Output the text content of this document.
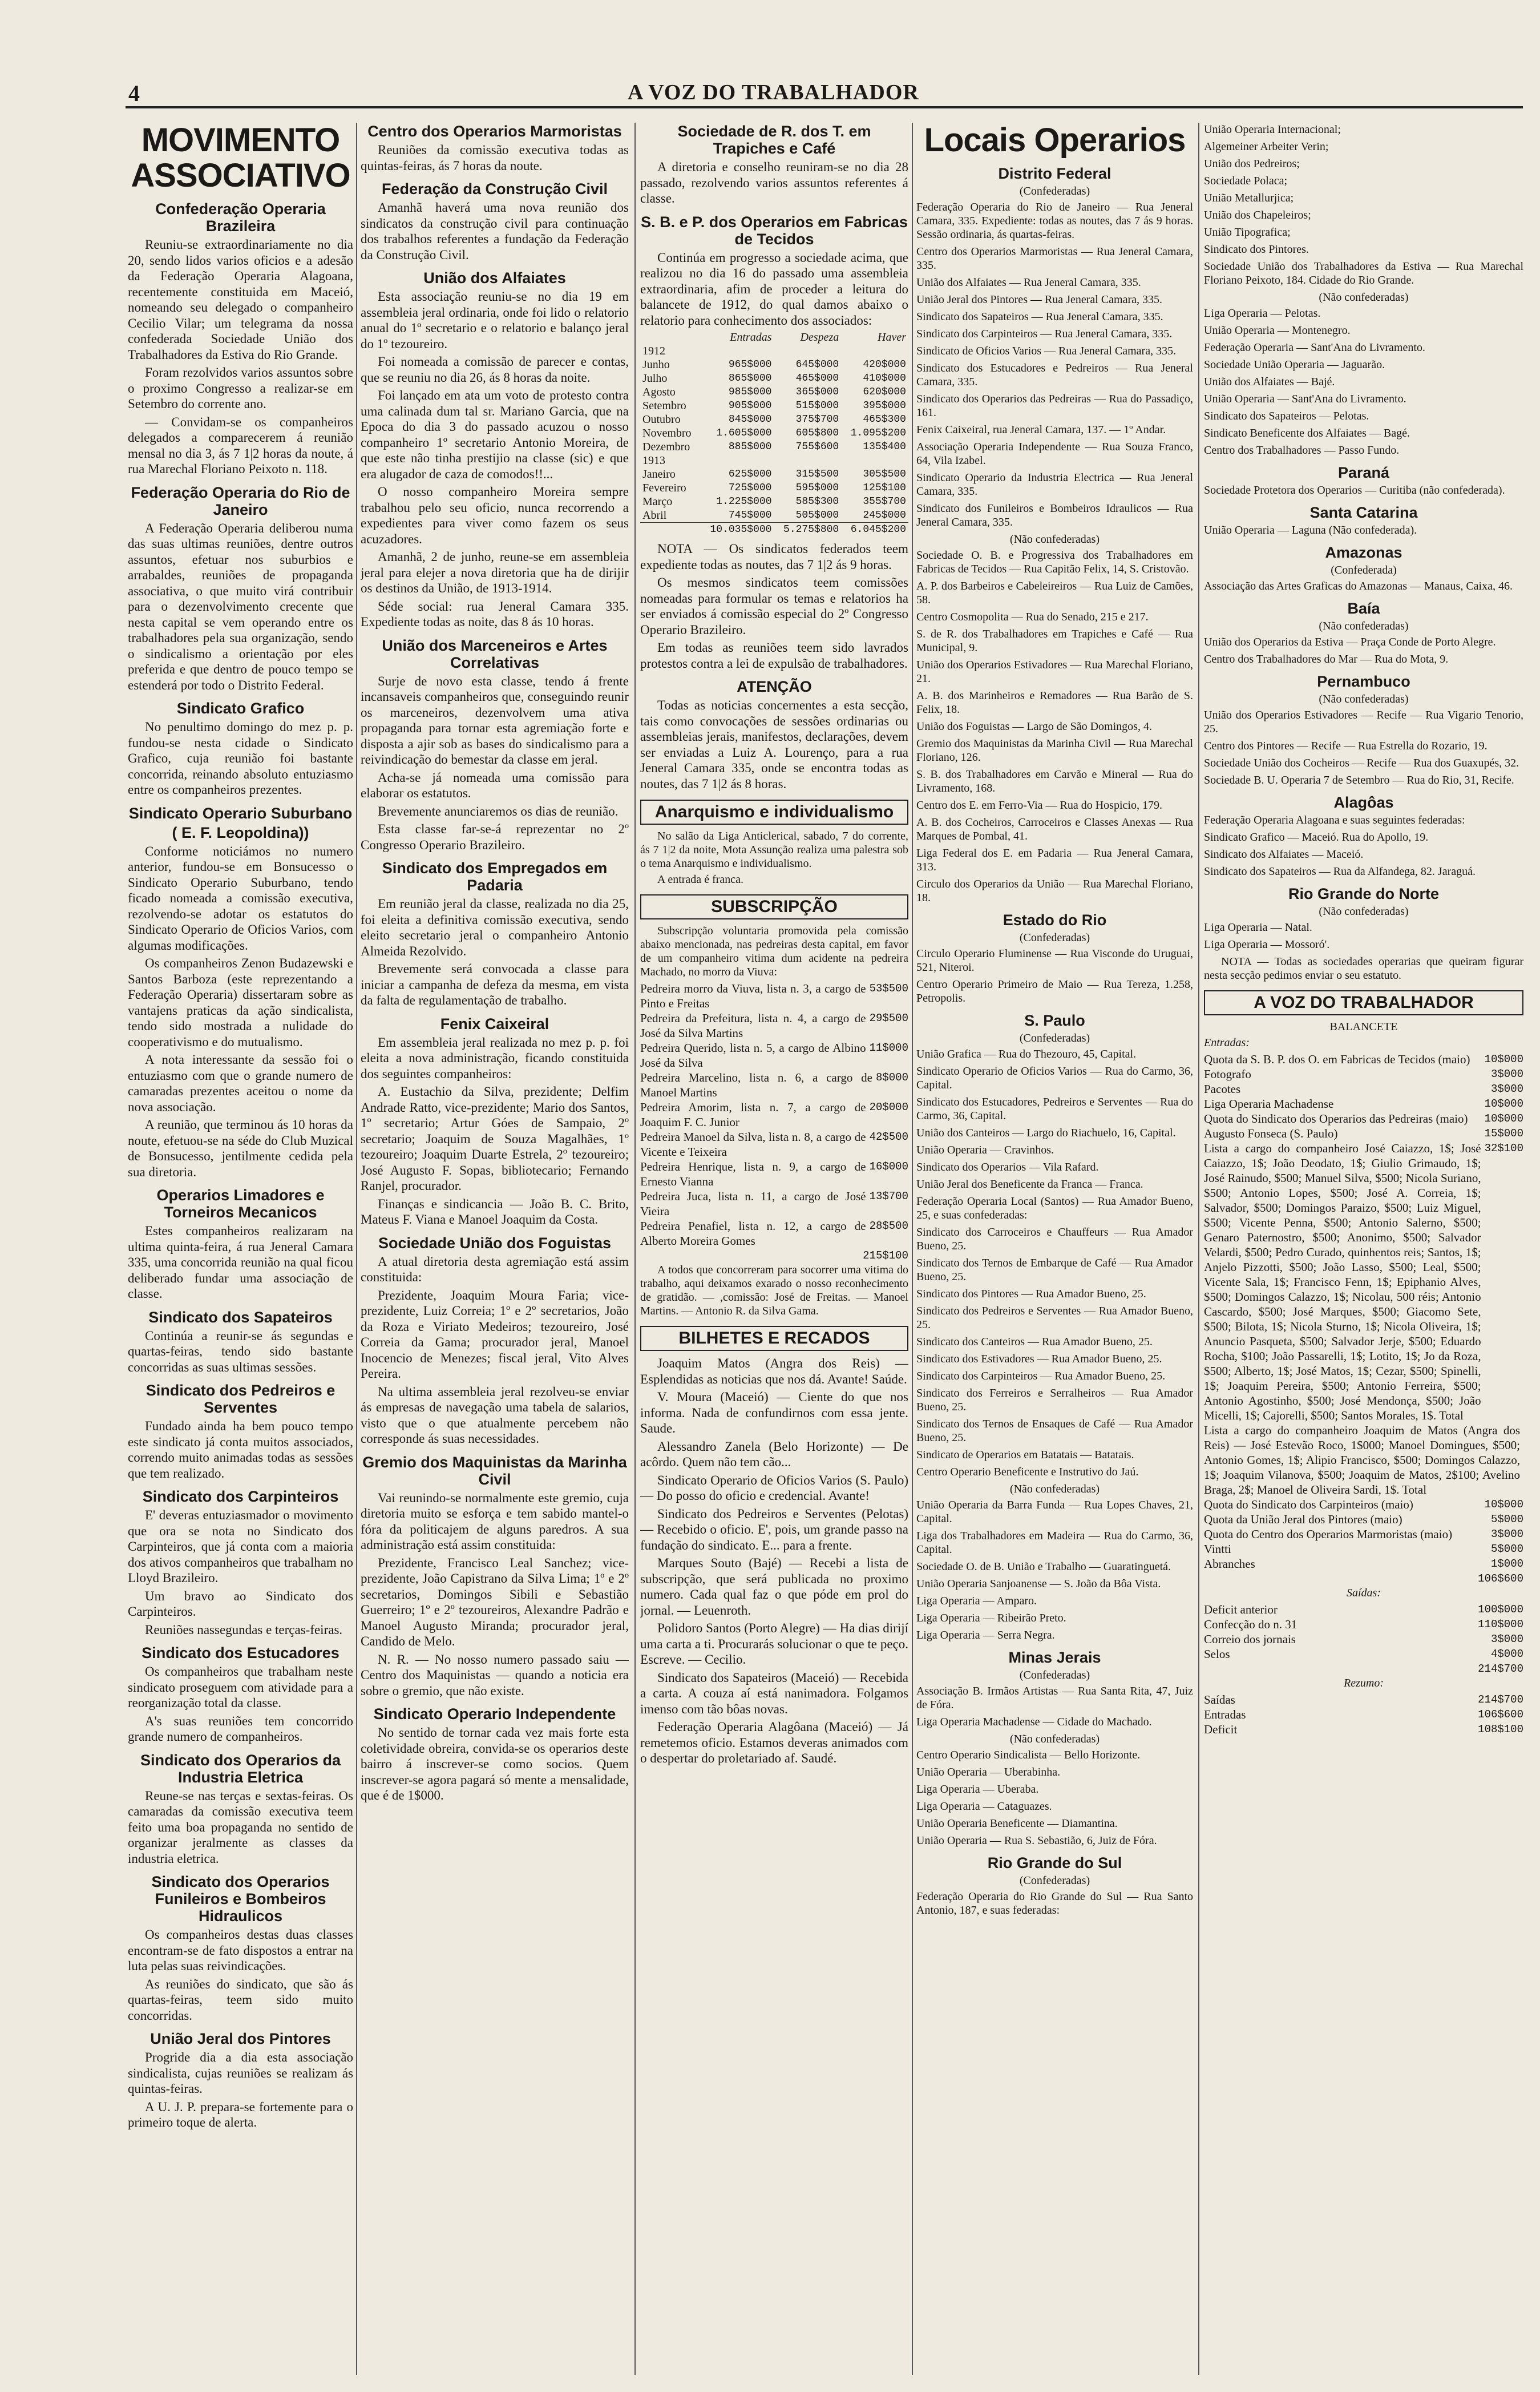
4	A VOZ DO TRABALHADOR
MOVIMENTO ASSOCIATIVO
Confederação Operaria Brazileira

Reuniu-se extraordinariamente no dia 20, sendo lidos varios oficios e a adesão da Federação Operaria Alagoana, recentemente constituida em Maceió, nomeando seu delegado o companheiro Cecilio Vilar; um telegrama da nossa confederada Sociedade União dos Trabalhadores da Estiva do Rio Grande.

Foram rezolvidos varios assuntos sobre o proximo Congresso a realizar-se em Setembro do corrente ano.

— Convidam-se os companheiros delegados a comparecerem á reunião mensal no dia 3, ás 7 1|2 horas da noute, á rua Marechal Floriano Peixoto n. 118.

Federação Operaria do Rio de Janeiro

A Federação Operaria deliberou numa das suas ultimas reuniões, dentre outros assuntos, efetuar nos suburbios e arrabaldes, reuniões de propaganda associativa, o que muito virá contribuir para o dezenvolvimento crecente que nesta capital se vem operando entre os trabalhadores pela sua organização, sendo o sindicalismo a orientação por eles preferida e que dentro de pouco tempo se estenderá por todo o Distrito Federal.

Sindicato Grafico

No penultimo domingo do mez p. p. fundou-se nesta cidade o Sindicato Grafico, cuja reunião foi bastante concorrida, reinando absoluto entuziasmo entre os companheiros prezentes.

Sindicato Operario Suburbano
( E. F. Leopoldina))

Conforme noticiámos no numero anterior, fundou-se em Bonsucesso o Sindicato Operario Suburbano, tendo ficado nomeada a comissão executiva, rezolvendo-se adotar os estatutos do Sindicato Operario de Oficios Varios, com algumas modificações.

Os companheiros Zenon Budazewski e Santos Barboza (este reprezentando a Federação Operaria) dissertaram sobre as vantajens praticas da ação sindicalista, tendo sido mostrada a nulidade do cooperativismo e do mutualismo.

A nota interessante da sessão foi o entuziasmo com que o grande numero de camaradas prezentes aceitou o nome da nova associação.

A reunião, que terminou ás 10 horas da noute, efetuou-se na séde do Club Muzical de Bonsucesso, jentilmente cedida pela sua diretoria.

Operarios Limadores e Torneiros Mecanicos

Estes companheiros realizaram na ultima quinta-feira, á rua Jeneral Camara 335, uma concorrida reunião na qual ficou deliberado fundar uma associação de classe.

Sindicato dos Sapateiros

Continúa a reunir-se ás segundas e quartas-feiras, tendo sido bastante concorridas as suas ultimas sessões.

Sindicato dos Pedreiros e Serventes

Fundado ainda ha bem pouco tempo este sindicato já conta muitos associados, correndo muito animadas todas as sessões que tem realizado.

Sindicato dos Carpinteiros

E' deveras entuziasmador o movimento que ora se nota no Sindicato dos Carpinteiros, que já conta com a maioria dos ativos companheiros que trabalham no Lloyd Brazileiro.

Um bravo ao Sindicato dos Carpinteiros.

Reuniões nassegundas e terças-feiras.

Sindicato dos Estucadores

Os companheiros que trabalham neste sindicato proseguem com atividade para a reorganização total da classe.

A's suas reuniões tem concorrido grande numero de companheiros.

Sindicato dos Operarios da Industria Eletrica

Reune-se nas terças e sextas-feiras. Os camaradas da comissão executiva teem feito uma boa propaganda no sentido de organizar jeralmente as classes da industria eletrica.

Sindicato dos Operarios Funileiros e Bombeiros Hidraulicos

Os companheiros destas duas classes encontram-se de fato dispostos a entrar na luta pelas suas reivindicações.

As reuniões do sindicato, que são ás quartas-feiras, teem sido muito concorridas.

União Jeral dos Pintores

Progride dia a dia esta associação sindicalista, cujas reuniões se realizam ás quintas-feiras.

A U. J. P. prepara-se fortemente para o primeiro toque de alerta.

Centro dos Operarios Marmoristas

Reuniões da comissão executiva todas as quintas-feiras, ás 7 horas da noute.

Federação da Construção Civil

Amanhã haverá uma nova reunião dos sindicatos da construção civil para continuação dos trabalhos referentes a fundação da Federação da Construção Civil.

União dos Alfaiates

Esta associação reuniu-se no dia 19 em assembleia jeral ordinaria, onde foi lido o relatorio anual do 1º secretario e o relatorio e balanço jeral do 1º tezoureiro.

Foi nomeada a comissão de parecer e contas, que se reuniu no dia 26, ás 8 horas da noite.

Foi lançado em ata um voto de protesto contra uma calinada dum tal sr. Mariano Garcia, que na Epoca do dia 3 do passado acuzou o nosso companheiro 1º secretario Antonio Moreira, de que este não tinha prestijio na classe (sic) e que era alugador de caza de comodos!!...

O nosso companheiro Moreira sempre trabalhou pelo seu oficio, nunca recorrendo a expedientes para viver como fazem os seus acuzadores.

Amanhã, 2 de junho, reune-se em assembleia jeral para elejer a nova diretoria que ha de dirijir os destinos da União, de 1913-1914.

Séde social: rua Jeneral Camara 335. Expediente todas as noite, das 8 ás 10 horas.

União dos Marceneiros e Artes Correlativas

Surje de novo esta classe, tendo á frente incansaveis companheiros que, conseguindo reunir os marceneiros, dezenvolvem uma ativa propaganda para tornar esta agremiação forte e disposta a ajir sob as bases do sindicalismo para a reivindicação do bemestar da classe em jeral.

Acha-se já nomeada uma comissão para elaborar os estatutos.

Brevemente anunciaremos os dias de reunião.

Esta classe far-se-á reprezentar no 2º Congresso Operario Brazileiro.

Sindicato dos Empregados em Padaria

Em reunião jeral da classe, realizada no dia 25, foi eleita a definitiva comissão executiva, sendo eleito secretario jeral o companheiro Antonio Almeida Rezolvido.

Brevemente será convocada a classe para iniciar a campanha de defeza da mesma, em vista da falta de regulamentação de trabalho.

Fenix Caixeiral

Em assembleia jeral realizada no mez p. p. foi eleita a nova administração, ficando constituida dos seguintes companheiros:

A. Eustachio da Silva, prezidente; Delfim Andrade Ratto, vice-prezidente; Mario dos Santos, 1º secretario; Artur Góes de Sampaio, 2º secretario; Joaquim de Souza Magalhães, 1º tezoureiro; Joaquim Duarte Estrela, 2º tezoureiro; José Augusto F. Sopas, bibliotecario; Fernando Ranjel, procurador.

Finanças e sindicancia — João B. C. Brito, Mateus F. Viana e Manoel Joaquim da Costa.

Sociedade União dos Foguistas

A atual diretoria desta agremiação está assim constituida:

Prezidente, Joaquim Moura Faria; vice-prezidente, Luiz Correia; 1º e 2º secretarios, João da Roza e Viriato Medeiros; tezoureiro, José Correia da Gama; procurador jeral, Manoel Inocencio de Menezes; fiscal jeral, Vito Alves Pereira.

Na ultima assembleia jeral rezolveu-se enviar ás empresas de navegação uma tabela de salarios, visto que o que atualmente percebem não corresponde ás suas necessidades.

Gremio dos Maquinistas da Marinha Civil

Vai reunindo-se normalmente este gremio, cuja diretoria muito se esforça e tem sabido mantel-o fóra da politicajem de alguns paredros. A sua administração está assim constituida:

Prezidente, Francisco Leal Sanchez; vice-prezidente, João Capistrano da Silva Lima; 1º e 2º secretarios, Domingos Sibili e Sebastião Guerreiro; 1º e 2º tezoureiros, Alexandre Padrão e Manoel Augusto Miranda; procurador jeral, Candido de Melo.

N. R. — No nosso numero passado saiu — Centro dos Maquinistas — quando a noticia era sobre o gremio, que não existe.

Sindicato Operario Independente

No sentido de tornar cada vez mais forte esta coletividade obreira, convida-se os operarios deste bairro á inscrever-se como socios. Quem inscrever-se agora pagará só mente a mensalidade, que é de 1$000.

Sociedade de R. dos T. em Trapiches e Café

A diretoria e conselho reuniram-se no dia 28 passado, rezolvendo varios assuntos referentes á classe.

S. B. e P. dos Operarios em Fabricas de Tecidos

Continúa em progresso a sociedade acima, que realizou no dia 16 do passado uma assembleia extraordinaria, afim de proceder a leitura do balancete de 1912, do qual damos abaixo o relatorio para conhecimento dos associados:

	Entradas	Despeza	Haver
1912			
Junho	965$000	645$000	420$000
Julho	865$000	465$000	410$000
Agosto	985$000	365$000	620$000
Setembro	905$000	515$000	395$000
Outubro	845$000	375$700	465$300
Novembro	1.605$000	605$800	1.095$200
Dezembro	885$000	755$600	135$400
1913			
Janeiro	625$000	315$500	305$500
Fevereiro	725$000	595$000	125$100
Março	1.225$000	585$300	355$700
Abril	745$000	505$000	245$000
	10.035$000	5.275$800	6.045$200

NOTA — Os sindicatos federados teem expediente todas as noutes, das 7 1|2 ás 9 horas.

Os mesmos sindicatos teem comissões nomeadas para formular os temas e relatorios ha ser enviados á comissão especial do 2º Congresso Operario Brazileiro.

Em todas as reuniões teem sido lavrados protestos contra a lei de expulsão de trabalhadores.

ATENÇÃO

Todas as noticias concernentes a esta secção, tais como convocações de sessões ordinarias ou assembleias jerais, manifestos, declarações, devem ser enviadas a Luiz A. Lourenço, para a rua Jeneral Camara 335, onde se encontra todas as noutes, das 7 1|2 ás 8 horas.

Anarquismo e individualismo

No salão da Liga Anticlerical, sabado, 7 do corrente, ás 7 1|2 da noite, Mota Assunção realiza uma palestra sob o tema Anarquismo e individualismo.

A entrada é franca.

SUBSCRIPÇÃO

Subscripção voluntaria promovida pela comissão abaixo mencionada, nas pedreiras desta capital, em favor de um companheiro vitima dum acidente na pedreira Machado, no morro da Viuva:

Pedreira morro da Viuva, lista n. 3, a cargo de Pinto e Freitas
53$500
Pedreira da Prefeitura, lista n. 4, a cargo de José da Silva Martins
29$500
Pedreira Querido, lista n. 5, a cargo de Albino José da Silva
11$000
Pedreira Marcelino, lista n. 6, a cargo de Manoel Martins
8$000
Pedreira Amorim, lista n. 7, a cargo de Joaquim F. C. Junior
20$000
Pedreira Manoel da Silva, lista n. 8, a cargo de Vicente e Teixeira
42$500
Pedreira Henrique, lista n. 9, a cargo de Ernesto Vianna
16$000
Pedreira Juca, lista n. 11, a cargo de José Vieira
13$700
Pedreira Penafiel, lista n. 12, a cargo de Alberto Moreira Gomes
28$500
215$100

A todos que concorreram para socorrer uma vitima do trabalho, aqui deixamos exarado o nosso reconhecimento de gratidão. — ,comissão: José de Freitas. — Manoel Martins. — Antonio R. da Silva Gama.

BILHETES E RECADOS

Joaquim Matos (Angra dos Reis) — Esplendidas as noticias que nos dá. Avante! Saúde.

V. Moura (Maceió) — Ciente do que nos informa. Nada de confundirnos com essa jente. Saude.

Alessandro Zanela (Belo Horizonte) — De acôrdo. Quem não tem cão...

Sindicato Operario de Oficios Varios (S. Paulo) — Do posso do oficio e credencial. Avante!

Sindicato dos Pedreiros e Serventes (Pelotas) — Recebido o oficio. E', pois, um grande passo na fundação do sindicato. E... para a frente.

Marques Souto (Bajé) — Recebi a lista de subscripção, que será publicada no proximo numero. Cada qual faz o que póde em prol do jornal. — Leuenroth.

Polidoro Santos (Porto Alegre) — Ha dias dirijí uma carta a ti. Procurarás solucionar o que te peço. Escreve. — Cecilio.

Sindicato dos Sapateiros (Maceió) — Recebida a carta. A couza aí está nanimadora. Folgamos imenso com tão bôas novas.

Federação Operaria Alagôana (Maceió) — Já remetemos oficio. Estamos deveras animados com o despertar do proletariado af. Saudé.

Locais Operarios
Distrito Federal

(Confederadas)

Federação Operaria do Rio de Janeiro — Rua Jeneral Camara, 335. Expediente: todas as noutes, das 7 ás 9 horas. Sessão ordinaria, ás quartas-feiras.
Centro dos Operarios Marmoristas — Rua Jeneral Camara, 335.
União dos Alfaiates — Rua Jeneral Camara, 335.
União Jeral dos Pintores — Rua Jeneral Camara, 335.
Sindicato dos Sapateiros — Rua Jeneral Camara, 335.
Sindicato dos Carpinteiros — Rua Jeneral Camara, 335.
Sindicato de Oficios Varios — Rua Jeneral Camara, 335.
Sindicato dos Estucadores e Pedreiros — Rua Jeneral Camara, 335.
Sindicato dos Operarios das Pedreiras — Rua do Passadiço, 161.
Fenix Caixeiral, rua Jeneral Camara, 137. — 1º Andar.
Associação Operaria Independente — Rua Souza Franco, 64, Vila Izabel.
Sindicato Operario da Industria Electrica — Rua Jeneral Camara, 335.
Sindicato dos Funileiros e Bombeiros Idraulicos — Rua Jeneral Camara, 335.

(Não confederadas)

Sociedade O. B. e Progressiva dos Trabalhadores em Fabricas de Tecidos — Rua Capitão Felix, 14, S. Cristovão.
A. P. dos Barbeiros e Cabeleireiros — Rua Luiz de Camões, 58.
Centro Cosmopolita — Rua do Senado, 215 e 217.
S. de R. dos Trabalhadores em Trapiches e Café — Rua Municipal, 9.
União dos Operarios Estivadores — Rua Marechal Floriano, 21.
A. B. dos Marinheiros e Remadores — Rua Barão de S. Felix, 18.
União dos Foguistas — Largo de São Domingos, 4.
Gremio dos Maquinistas da Marinha Civil — Rua Marechal Floriano, 126.
S. B. dos Trabalhadores em Carvão e Mineral — Rua do Livramento, 168.
Centro dos E. em Ferro-Via — Rua do Hospicio, 179.
A. B. dos Cocheiros, Carroceiros e Classes Anexas — Rua Marques de Pombal, 41.
Liga Federal dos E. em Padaria — Rua Jeneral Camara, 313.
Circulo dos Operarios da União — Rua Marechal Floriano, 18.
Estado do Rio

(Confederadas)

Circulo Operario Fluminense — Rua Visconde do Uruguai, 521, Niteroi.
Centro Operario Primeiro de Maio — Rua Tereza, 1.258, Petropolis.
S. Paulo

(Confederadas)

União Grafica — Rua do Thezouro, 45, Capital.
Sindicato Operario de Oficios Varios — Rua do Carmo, 36, Capital.
Sindicato dos Estucadores, Pedreiros e Serventes — Rua do Carmo, 36, Capital.
União dos Canteiros — Largo do Riachuelo, 16, Capital.
União Operaria — Cravinhos.
Sindicato dos Operarios — Vila Rafard.
União Jeral dos Beneficente da Franca — Franca.
Federação Operaria Local (Santos) — Rua Amador Bueno, 25, e suas confederadas:
Sindicato dos Carroceiros e Chauffeurs — Rua Amador Bueno, 25.
Sindicato dos Ternos de Embarque de Café — Rua Amador Bueno, 25.
Sindicato dos Pintores — Rua Amador Bueno, 25.
Sindicato dos Pedreiros e Serventes — Rua Amador Bueno, 25.
Sindicato dos Canteiros — Rua Amador Bueno, 25.
Sindicato dos Estivadores — Rua Amador Bueno, 25.
Sindicato dos Carpinteiros — Rua Amador Bueno, 25.
Sindicato dos Ferreiros e Serralheiros — Rua Amador Bueno, 25.
Sindicato dos Ternos de Ensaques de Café — Rua Amador Bueno, 25.
Sindicato de Operarios em Batatais — Batatais.
Centro Operario Beneficente e Instrutivo do Jaú.

(Não confederadas)

União Operaria da Barra Funda — Rua Lopes Chaves, 21, Capital.
Liga dos Trabalhadores em Madeira — Rua do Carmo, 36, Capital.
Sociedade O. de B. União e Trabalho — Guaratinguetá.
União Operaria Sanjoanense — S. João da Bôa Vista.
Liga Operaria — Amparo.
Liga Operaria — Ribeirão Preto.
Liga Operaria — Serra Negra.
Minas Jerais

(Confederadas)

Associação B. Irmãos Artistas — Rua Santa Rita, 47, Juiz de Fóra.
Liga Operaria Machadense — Cidade do Machado.

(Não confederadas)

Centro Operario Sindicalista — Bello Horizonte.
União Operaria — Uberabinha.
Liga Operaria — Uberaba.
Liga Operaria — Cataguazes.
União Operaria Beneficente — Diamantina.
União Operaria — Rua S. Sebastião, 6, Juiz de Fóra.
Rio Grande do Sul

(Confederadas)

Federação Operaria do Rio Grande do Sul — Rua Santo Antonio, 187, e suas federadas:
União Operaria Internacional;
Algemeiner Arbeiter Verin;
União dos Pedreiros;
Sociedade Polaca;
União Metallurjica;
União dos Chapeleiros;
União Tipografica;
Sindicato dos Pintores.
Sociedade União dos Trabalhadores da Estiva — Rua Marechal Floriano Peixoto, 184. Cidade do Rio Grande.

(Não confederadas)

Liga Operaria — Pelotas.
União Operaria — Montenegro.
Federação Operaria — Sant'Ana do Livramento.
Sociedade União Operaria — Jaguarão.
União dos Alfaiates — Bajé.
União Operaria — Sant'Ana do Livramento.
Sindicato dos Sapateiros — Pelotas.
Sindicato Beneficente dos Alfaiates — Bagé.
Centro dos Trabalhadores — Passo Fundo.
Paraná
Sociedade Protetora dos Operarios — Curitiba (não confederada).
Santa Catarina
União Operaria — Laguna (Não confederada).
Amazonas

(Confederada)

Associação das Artes Graficas do Amazonas — Manaus, Caixa, 46.
Baía

(Não confederadas)

União dos Operarios da Estiva — Praça Conde de Porto Alegre.
Centro dos Trabalhadores do Mar — Rua do Mota, 9.
Pernambuco

(Não confederadas)

União dos Operarios Estivadores — Recife — Rua Vigario Tenorio, 25.
Centro dos Pintores — Recife — Rua Estrella do Rozario, 19.
Sociedade União dos Cocheiros — Recife — Rua dos Guaxupés, 32.
Sociedade B. U. Operaria 7 de Setembro — Rua do Rio, 31, Recife.
Alagôas
Federação Operaria Alagoana e suas seguintes federadas:
Sindicato Grafico — Maceió. Rua do Apollo, 19.
Sindicato dos Alfaiates — Maceió.
Sindicato dos Sapateiros — Rua da Alfandega, 82. Jaraguá.
Rio Grande do Norte

(Não confederadas)

Liga Operaria — Natal.
Liga Operaria — Mossoró'.

NOTA — Todas as sociedades operarias que queiram figurar nesta secção pedimos enviar o seu estatuto.

A VOZ DO TRABALHADOR

BALANCETE

Entradas:

Quota da S. B. P. dos O. em Fabricas de Tecidos (maio)	10$000
Fotografo	3$000
Pacotes	3$000
Liga Operaria Machadense	10$000
Quota do Sindicato dos Operarios das Pedreiras (maio)	10$000
Augusto Fonseca (S. Paulo)	15$000
Lista a cargo do companheiro José Caiazzo, 1$; José Caiazzo, 1$; João Deodato, 1$; Giulio Grimaudo, 1$; José Rainudo, $500; Manuel Silva, $500; Nicola Suriano, $500; Antonio Lopes, $500; José A. Correia, 1$; Salvador, $500; Domingos Paraizo, $500; Luiz Miguel, $500; Vicente Penna, $500; Antonio Salerno, $500; Genaro Paternostro, $500; Anonimo, $500; Salvador Velardi, $500; Pedro Curado, quinhentos reis; Santos, 1$; Anjelo Pizzotti, $500; João Lasso, $500; Leal, $500; Vicente Sala, 1$; Francisco Fenn, 1$; Epiphanio Alves, $500; Domingos Calazzo, 1$; Nicolau, 500 réis; Antonio Cascardo, $500; José Marques, $500; Giacomo Sete, $500; Bilota, 1$; Nicola Sturno, 1$; Nicola Oliveira, 1$; Anuncio Pasqueta, $500; Salvador Jerje, $500; Eduardo Rocha, $100; João Passarelli, 1$; Lotito, 1$; Jo da Roza, $500; Alberto, 1$; José Matos, 1$; Cezar, $500; Spinelli, 1$; Joaquim Pereira, $500; Antonio Ferreira, $500; Antonio Agostinho, $500; José Mendonça, $500; João Micelli, 1$; Cajorelli, $500; Santos Morales, 1$. Total
32$100
Lista a cargo do companheiro Joaquim de Matos (Angra dos Reis) — José Estevão Roco, 1$000; Manoel Domingues, $500; Antonio Gomes, 1$; Alipio Francisco, $500; Domingos Calazzo, 1$; Joaquim Vilanova, $500; Joaquim de Matos, 2$100; Avelino Braga, 2$; Manoel de Oliveira Sardi, 1$. Total
Quota do Sindicato dos Carpinteiros (maio)	10$000
Quota da União Jeral dos Pintores (maio)	5$000
Quota do Centro dos Operarios Marmoristas (maio)	3$000
Vintti	5$000
Abranches	1$000
106$600

Saídas:

Deficit anterior	100$000
Confecção do n. 31	110$000
Correio dos jornais	3$000
Selos	4$000
214$700

Rezumo:

Saídas	214$700
Entradas	106$600
Deficit	108$100
